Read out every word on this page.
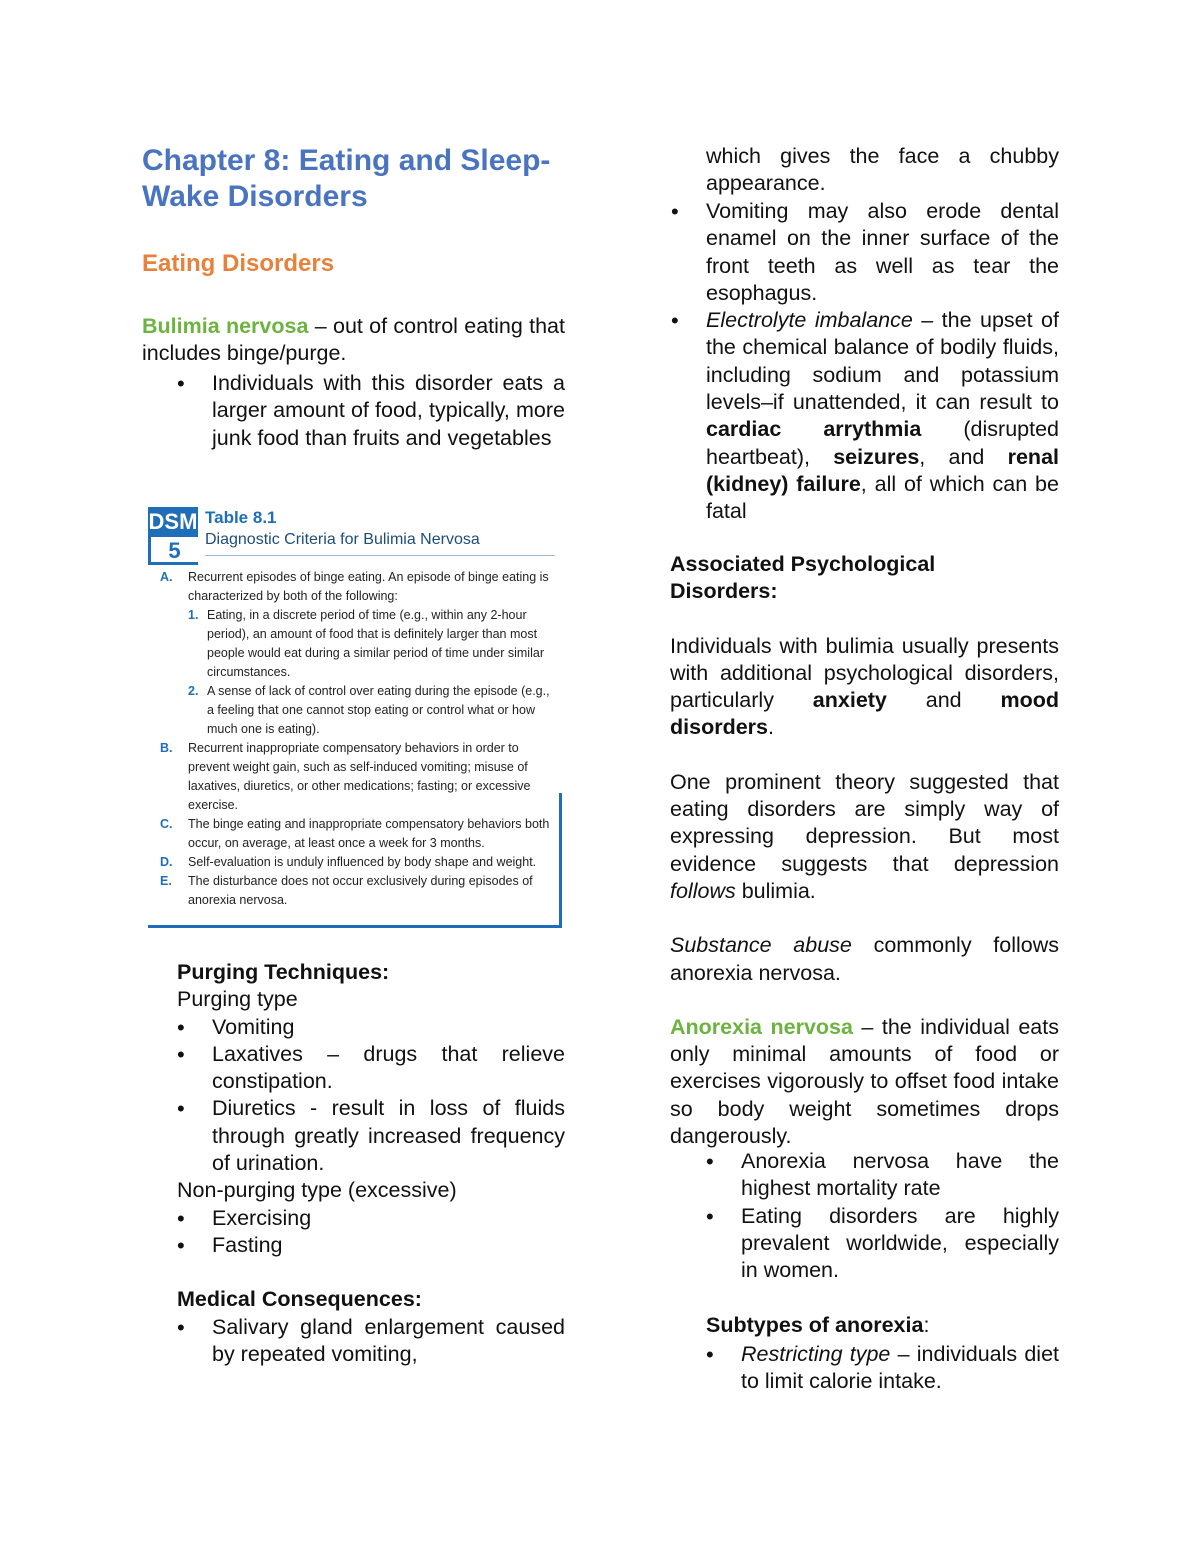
Chapter 8: Eating and Sleep-Wake Disorders
Eating Disorders
Bulimia nervosa – out of control eating that includes binge/purge.
• Individuals with this disorder eats a larger amount of food, typically, more junk food than fruits and vegetables
DSM
5
Table 8.1
Diagnostic Criteria for Bulimia Nervosa
A. Recurrent episodes of binge eating. An episode of binge eating is characterized by both of the following:
1. Eating, in a discrete period of time (e.g., within any 2-hour period), an amount of food that is definitely larger than most people would eat during a similar period of time under similar circumstances.
2. A sense of lack of control over eating during the episode (e.g., a feeling that one cannot stop eating or control what or how much one is eating).
B. Recurrent inappropriate compensatory behaviors in order to prevent weight gain, such as self-induced vomiting; misuse of laxatives, diuretics, or other medications; fasting; or excessive exercise.
C. The binge eating and inappropriate compensatory behaviors both occur, on average, at least once a week for 3 months.
D. Self-evaluation is unduly influenced by body shape and weight.
E. The disturbance does not occur exclusively during episodes of anorexia nervosa.
Purging Techniques:
Purging type
• Vomiting
• Laxatives – drugs that relieve constipation.
• Diuretics - result in loss of fluids through greatly increased frequency of urination.
Non-purging type (excessive)
• Exercising
• Fasting
Medical Consequences:
• Salivary gland enlargement caused by repeated vomiting,
which gives the face a chubby appearance.
• Vomiting may also erode dental enamel on the inner surface of the front teeth as well as tear the esophagus.
• Electrolyte imbalance – the upset of the chemical balance of bodily fluids, including sodium and potassium levels–if unattended, it can result to cardiac arrythmia (disrupted heartbeat), seizures, and renal (kidney) failure, all of which can be fatal
Associated Psychological Disorders:
Individuals with bulimia usually presents with additional psychological disorders, particularly anxiety and mood disorders.
One prominent theory suggested that eating disorders are simply way of expressing depression. But most evidence suggests that depression follows bulimia.
Substance abuse commonly follows anorexia nervosa.
Anorexia nervosa – the individual eats only minimal amounts of food or exercises vigorously to offset food intake so body weight sometimes drops dangerously.
• Anorexia nervosa have the highest mortality rate
• Eating disorders are highly prevalent worldwide, especially in women.
Subtypes of anorexia:
• Restricting type – individuals diet to limit calorie intake.
